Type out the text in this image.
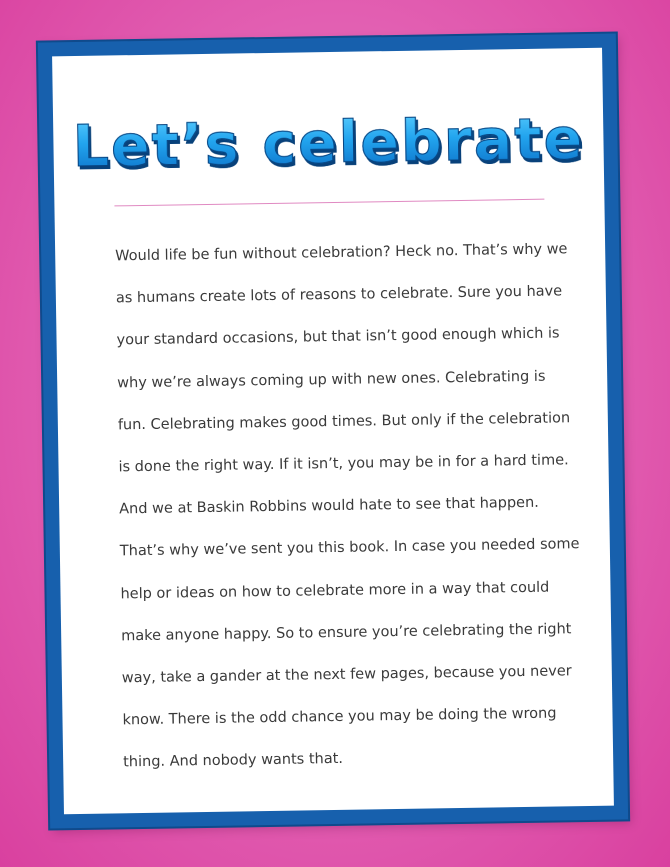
Let’s celebrate

Would life be fun without celebration? Heck no. That’s why we
as humans create lots of reasons to celebrate. Sure you have
your standard occasions, but that isn’t good enough which is
why we’re always coming up with new ones. Celebrating is
fun. Celebrating makes good times. But only if the celebration
is done the right way. If it isn’t, you may be in for a hard time.
And we at Baskin Robbins would hate to see that happen.
That’s why we’ve sent you this book. In case you needed some
help or ideas on how to celebrate more in a way that could
make anyone happy. So to ensure you’re celebrating the right
way, take a gander at the next few pages, because you never
know. There is the odd chance you may be doing the wrong
thing. And nobody wants that.
